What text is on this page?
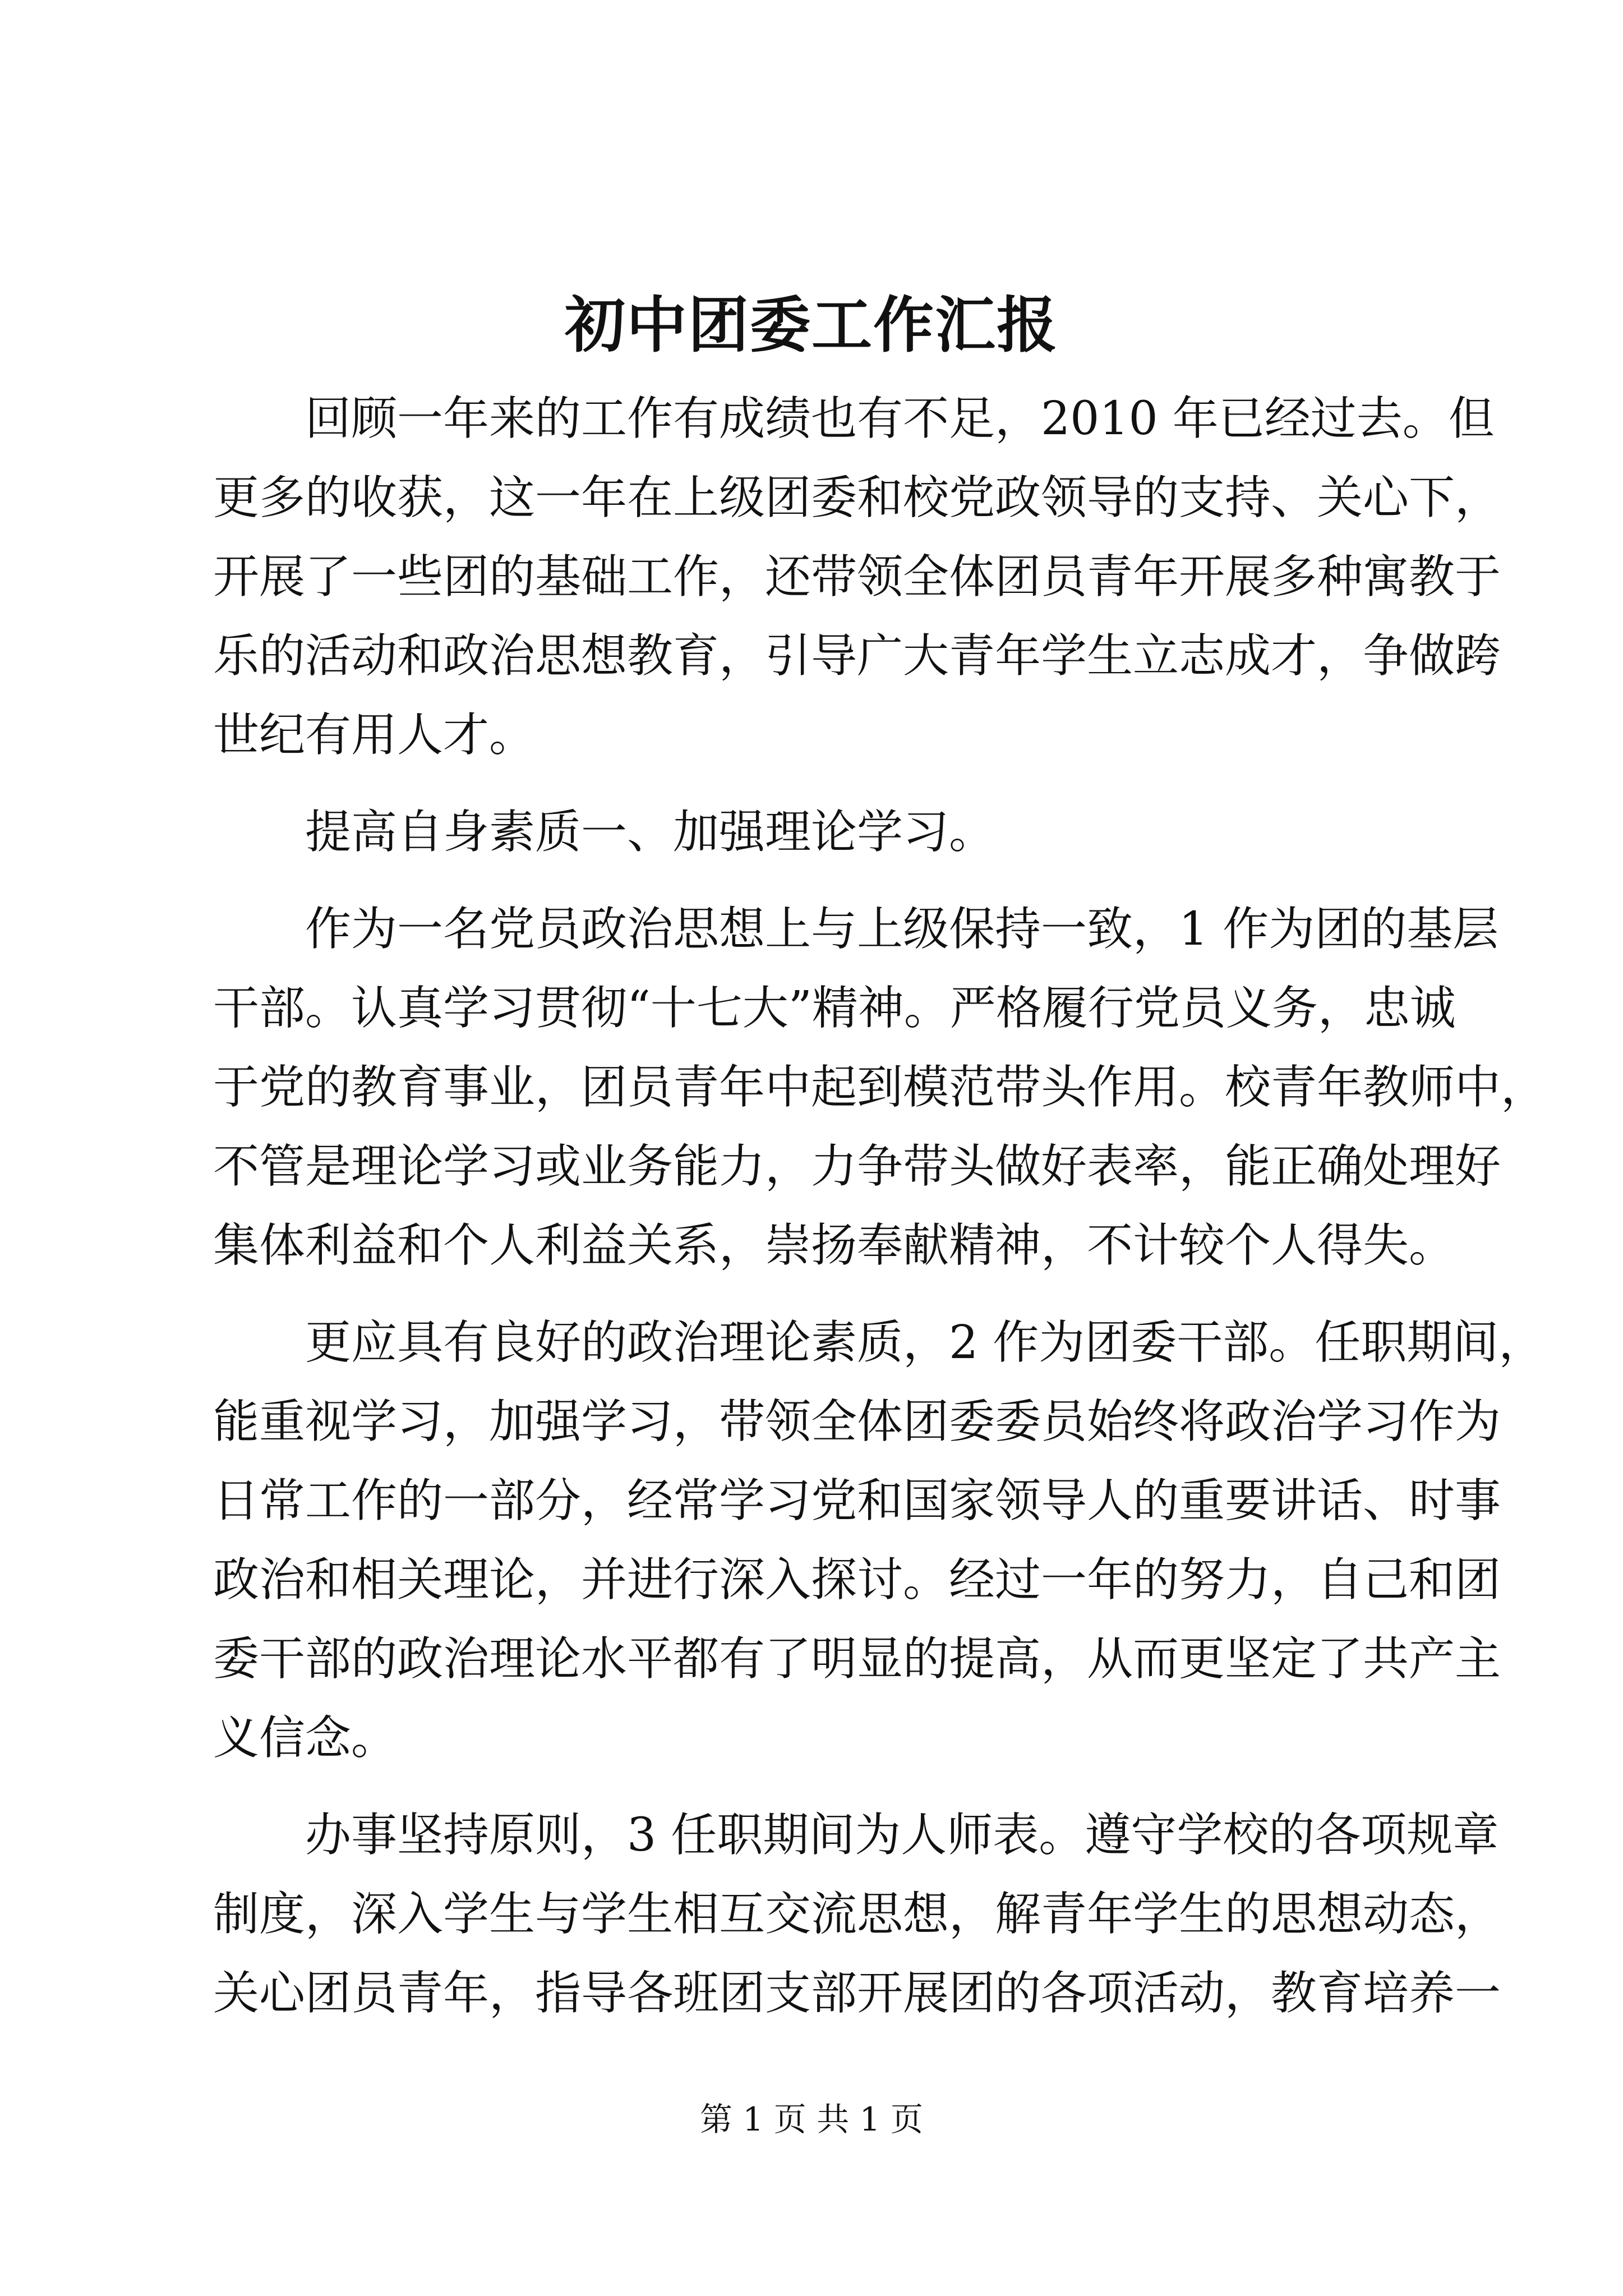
初中团委工作汇报
回顾一年来的工作有成绩也有不足，2010 年已经过去。但
更多的收获，这一年在上级团委和校党政领导的支持、关心下，
开展了一些团的基础工作，还带领全体团员青年开展多种寓教于
乐的活动和政治思想教育，引导广大青年学生立志成才，争做跨
世纪有用人才。
提高自身素质一、加强理论学习。
作为一名党员政治思想上与上级保持一致，1 作为团的基层
干部。认真学习贯彻“十七大”精神。严格履行党员义务，忠诚
于党的教育事业，团员青年中起到模范带头作用。校青年教师中，
不管是理论学习或业务能力，力争带头做好表率，能正确处理好
集体利益和个人利益关系，崇扬奉献精神，不计较个人得失。
更应具有良好的政治理论素质，2 作为团委干部。任职期间，
能重视学习，加强学习，带领全体团委委员始终将政治学习作为
日常工作的一部分，经常学习党和国家领导人的重要讲话、时事
政治和相关理论，并进行深入探讨。经过一年的努力，自己和团
委干部的政治理论水平都有了明显的提高，从而更坚定了共产主
义信念。
办事坚持原则，3 任职期间为人师表。遵守学校的各项规章
制度，深入学生与学生相互交流思想，解青年学生的思想动态，
关心团员青年，指导各班团支部开展团的各项活动，教育培养一
第 1 页 共 1 页
